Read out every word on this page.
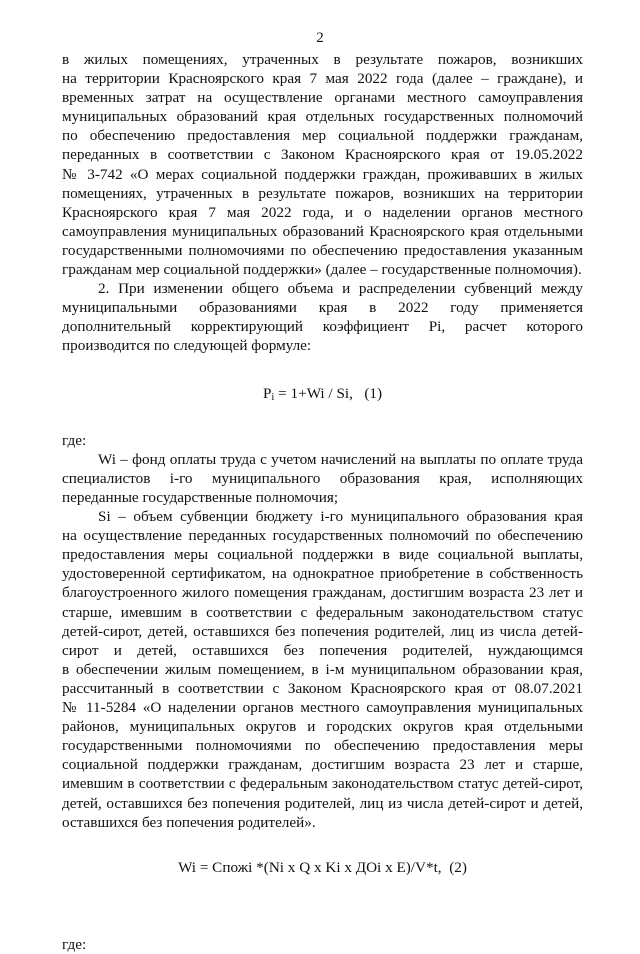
2

в жилых помещениях, утраченных в результате пожаров, возникших

на территории Красноярского края 7 мая 2022 года (далее – граждане), и

временных затрат на осуществление органами местного самоуправления

муниципальных образований края отдельных государственных полномочий

по обеспечению предоставления мер социальной поддержки гражданам,

переданных в соответствии с Законом Красноярского края от 19.05.2022

№ 3-742 «О мерах социальной поддержки граждан, проживавших в жилых

помещениях, утраченных в результате пожаров, возникших на территории

Красноярского края 7 мая 2022 года, и о наделении органов местного

самоуправления муниципальных образований Красноярского края отдельными

государственными полномочиями по обеспечению предоставления указанным

гражданам мер социальной поддержки» (далее – государственные полномочия).

2. При изменении общего объема и распределении субвенций между

муниципальными образованиями края в 2022 году применяется

дополнительный корректирующий коэффициент Pi, расчет которого

производится по следующей формуле:

$P_i = 1+Wi / Si$, (1)

где:

Wi – фонд оплаты труда с учетом начислений на выплаты по оплате труда

специалистов i-го муниципального образования края, исполняющих

переданные государственные полномочия;

Si – объем субвенции бюджету i-го муниципального образования края

на осуществление переданных государственных полномочий по обеспечению

предоставления меры социальной поддержки в виде социальной выплаты,

удостоверенной сертификатом, на однократное приобретение в собственность

благоустроенного жилого помещения гражданам, достигшим возраста 23 лет и

старше, имевшим в соответствии с федеральным законодательством статус

детей-сирот, детей, оставшихся без попечения родителей, лиц из числа детей-

сирот и детей, оставшихся без попечения родителей, нуждающимся

в обеспечении жилым помещением, в i-м муниципальном образовании края,

рассчитанный в соответствии с Законом Красноярского края от 08.07.2021

№ 11-5284 «О наделении органов местного самоуправления муниципальных

районов, муниципальных округов и городских округов края отдельными

государственными полномочиями по обеспечению предоставления меры

социальной поддержки гражданам, достигшим возраста 23 лет и старше,

имевшим в соответствии с федеральным законодательством статус детей-сирот,

детей, оставшихся без попечения родителей, лиц из числа детей-сирот и детей,

оставшихся без попечения родителей».

Wi = Cпожi *(Ni x Q x Ki x ДОi x E)/V*t, (2)

где:
